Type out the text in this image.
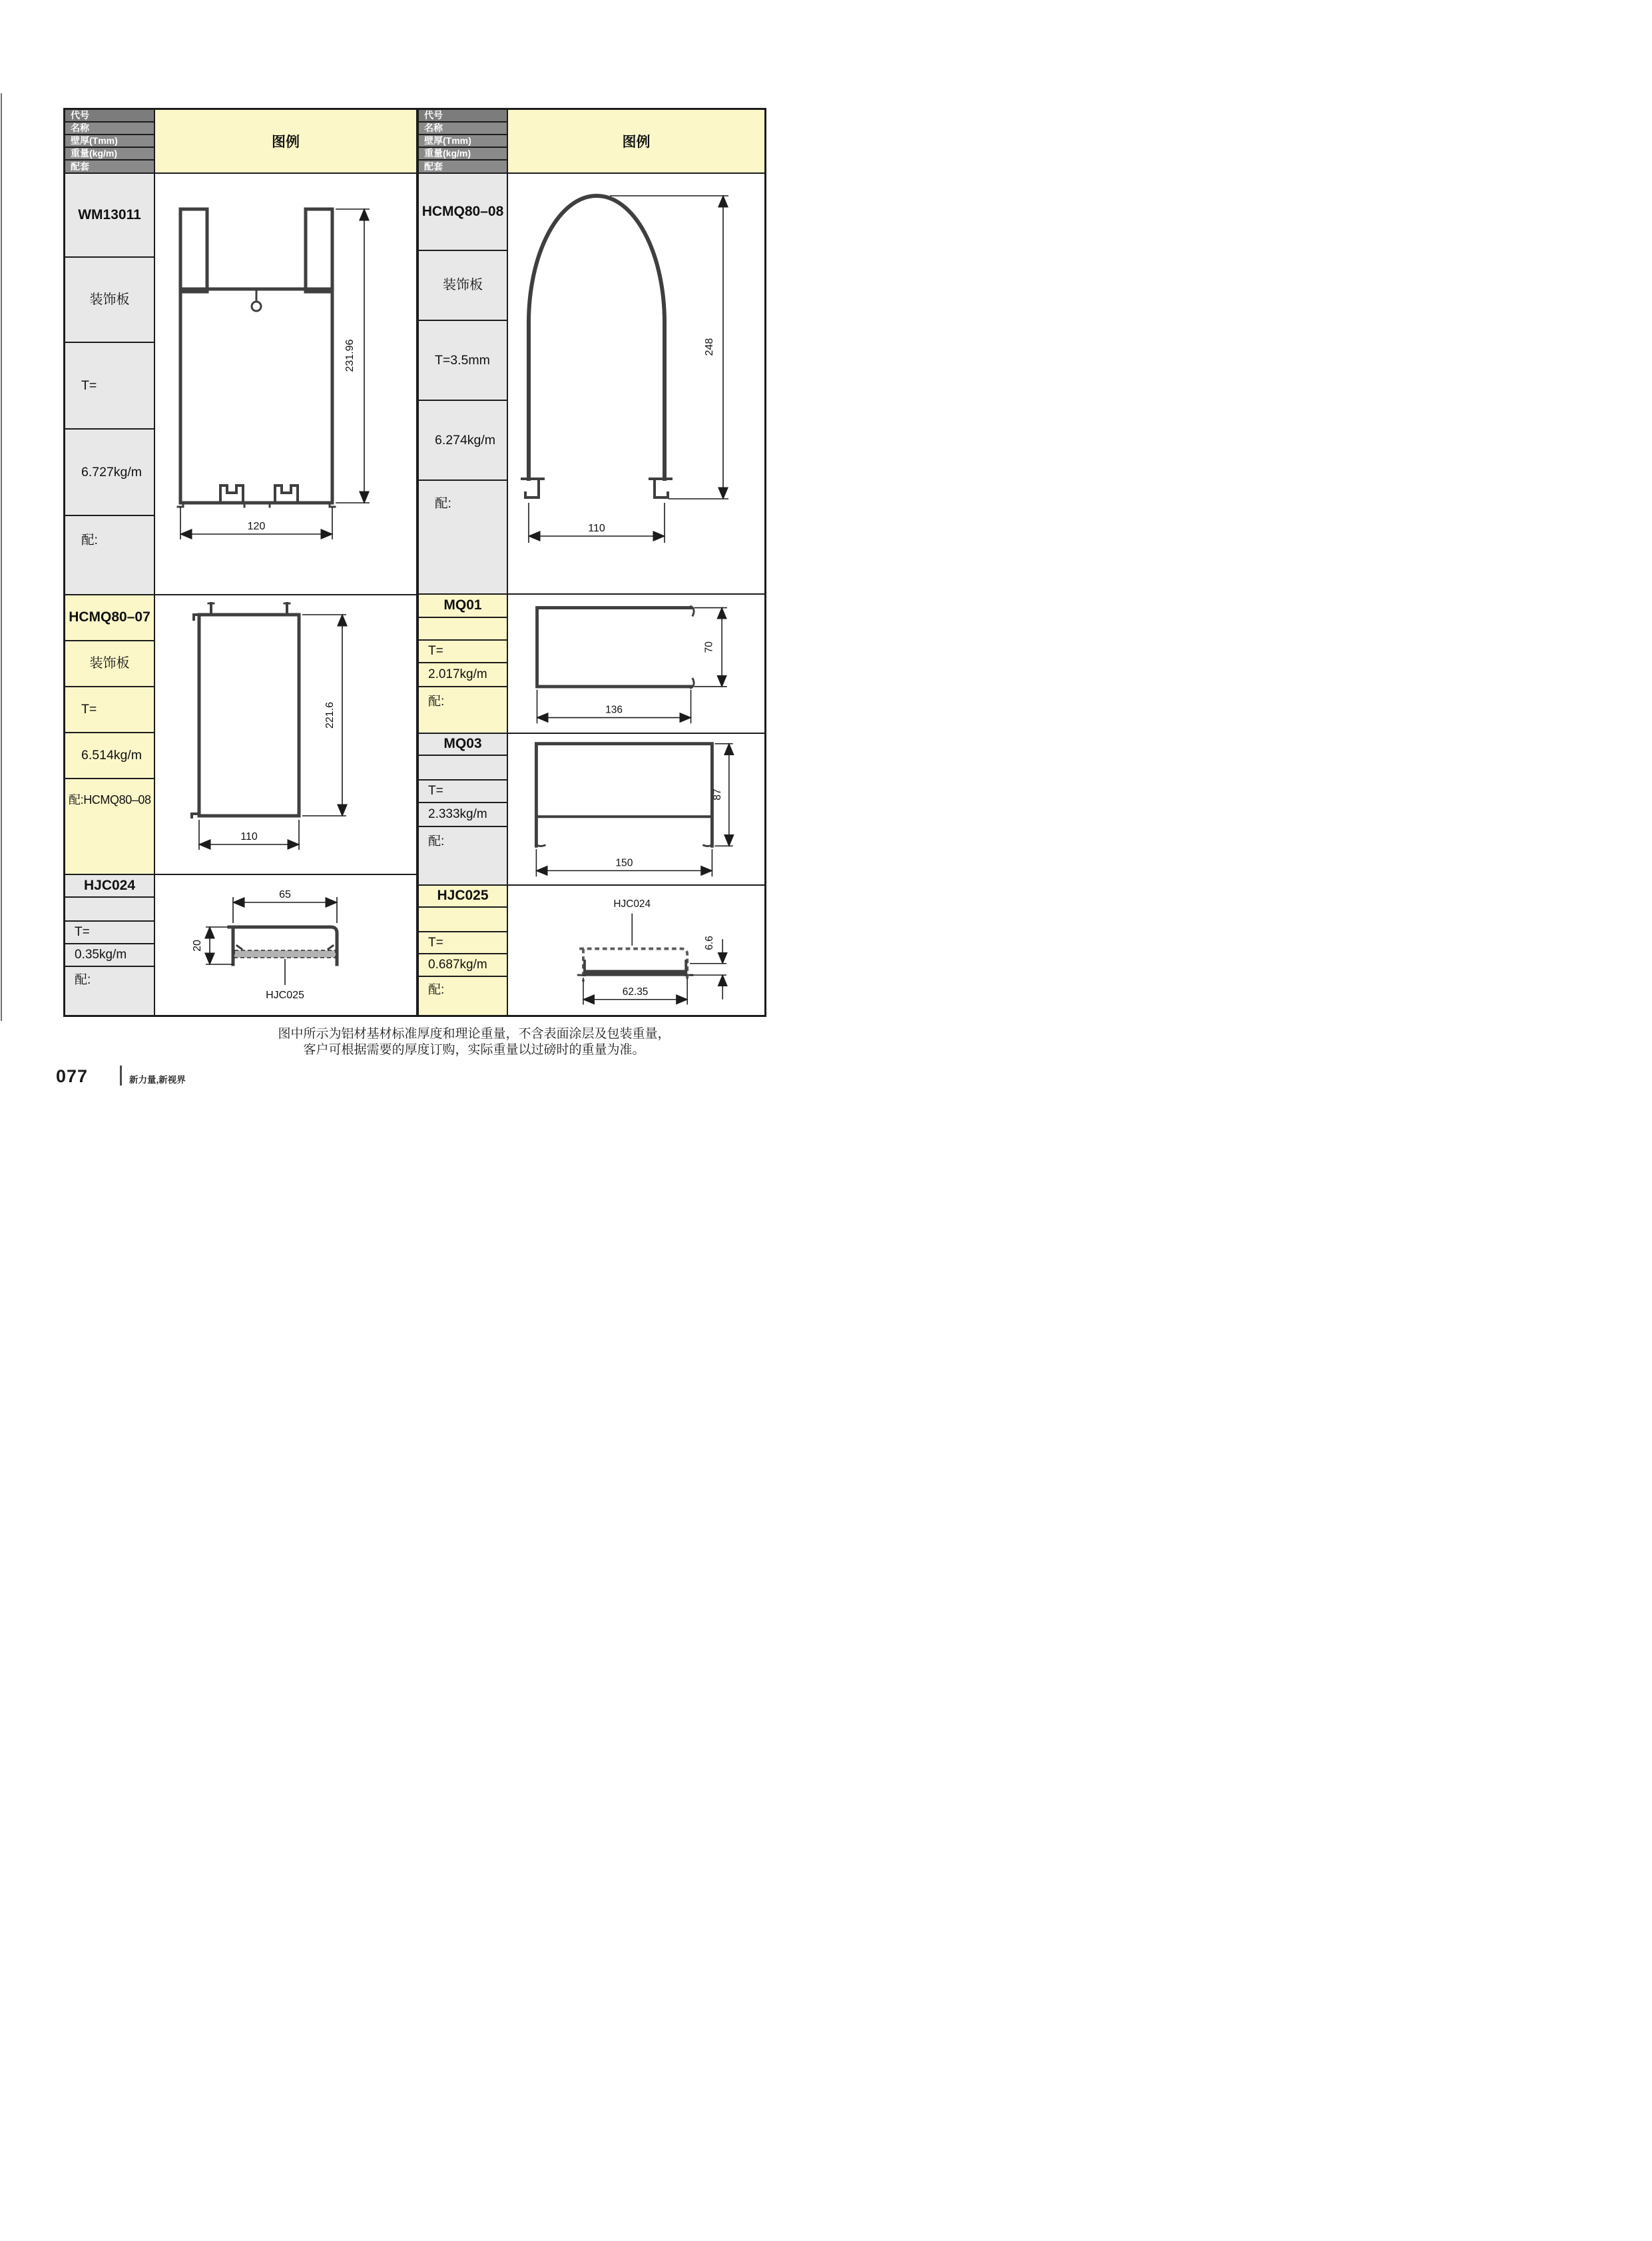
代号
名称
壁厚(Tmm)
重量(kg/m)
配套
WM13011
装饰板
T=
6.727kg/m
配:
HCMQ80–07
装饰板
T=
6.514kg/m
配:HCMQ80–08
HJC024
T=
0.35kg/m
配:
图例
231.96
120
221.6
110
65
20
HJC025
代号
名称
壁厚(Tmm)
重量(kg/m)
配套
HCMQ80–08
装饰板
T=3.5mm
6.274kg/m
配:
MQ01
T=
2.017kg/m
配:
MQ03
T=
2.333kg/m
配:
HJC025
T=
0.687kg/m
配:
图例
248
110
70
136
87
150
HJC024
6.6
62.35
图中所示为铝材基材标准厚度和理论重量，不含表面涂层及包装重量，
客户可根据需要的厚度订购，实际重量以过磅时的重量为准。
077	新力量,新视界
